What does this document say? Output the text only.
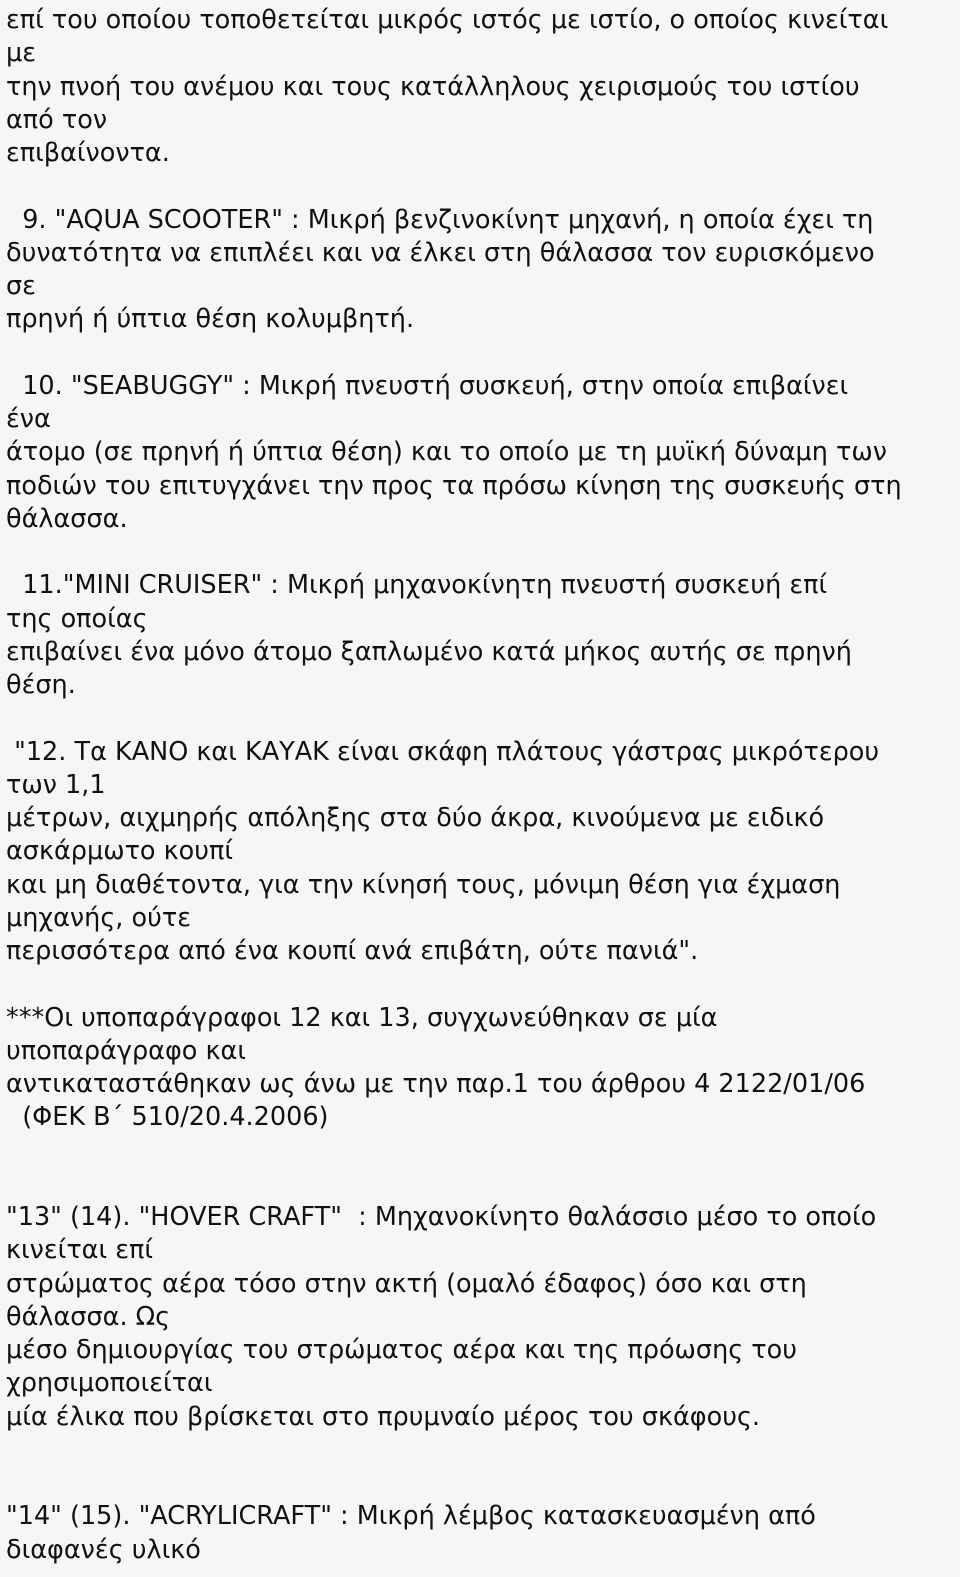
επί του οποίου τοποθετείται μικρός ιστός με ιστίο, ο οποίος κινείται
με
την πνοή του ανέμου και τους κατάλληλους χειρισμούς του ιστίου
από τον
επιβαίνοντα.
9. "AQUA SCOOTER" : Μικρή βενζινοκίνητ μηχανή, η οποία έχει τη
δυνατότητα να επιπλέει και να έλκει στη θάλασσα τον ευρισκόμενο
σε
πρηνή ή ύπτια θέση κολυμβητή.
10. "SEABUGGY" : Μικρή πνευστή συσκευή, στην οποία επιβαίνει
ένα
άτομο (σε πρηνή ή ύπτια θέση) και το οποίο με τη μυϊκή δύναμη των
ποδιών του επιτυγχάνει την προς τα πρόσω κίνηση της συσκευής στη
θάλασσα.
11."MINI CRUISER" : Μικρή μηχανοκίνητη πνευστή συσκευή επί
της οποίας
επιβαίνει ένα μόνο άτομο ξαπλωμένο κατά μήκος αυτής σε πρηνή
θέση.
"12. Τα ΚΑΝΟ και ΚΑΥΑΚ είναι σκάφη πλάτους γάστρας μικρότερου
των 1,1
μέτρων, αιχμηρής απόληξης στα δύο άκρα, κινούμενα με ειδικό
ασκάρμωτο κουπί
και μη διαθέτοντα, για την κίνησή τους, μόνιμη θέση για έχμαση
μηχανής, ούτε
περισσότερα από ένα κουπί ανά επιβάτη, ούτε πανιά".
***Οι υποπαράγραφοι 12 και 13, συγχωνεύθηκαν σε μία
υποπαράγραφο και
αντικαταστάθηκαν ως άνω με την παρ.1 του άρθρου 4 2122/01/06
(ΦΕΚ Β΄ 510/20.4.2006)
"13" (14). "HOVER CRAFT"  : Μηχανοκίνητο θαλάσσιο μέσο το οποίο
κινείται επί
στρώματος αέρα τόσο στην ακτή (ομαλό έδαφος) όσο και στη
θάλασσα. Ως
μέσο δημιουργίας του στρώματος αέρα και της πρόωσης του
χρησιμοποιείται
μία έλικα που βρίσκεται στο πρυμναίο μέρος του σκάφους.
"14" (15). "ACRYLICRAFT" : Μικρή λέμβος κατασκευασμένη από
διαφανές υλικό
